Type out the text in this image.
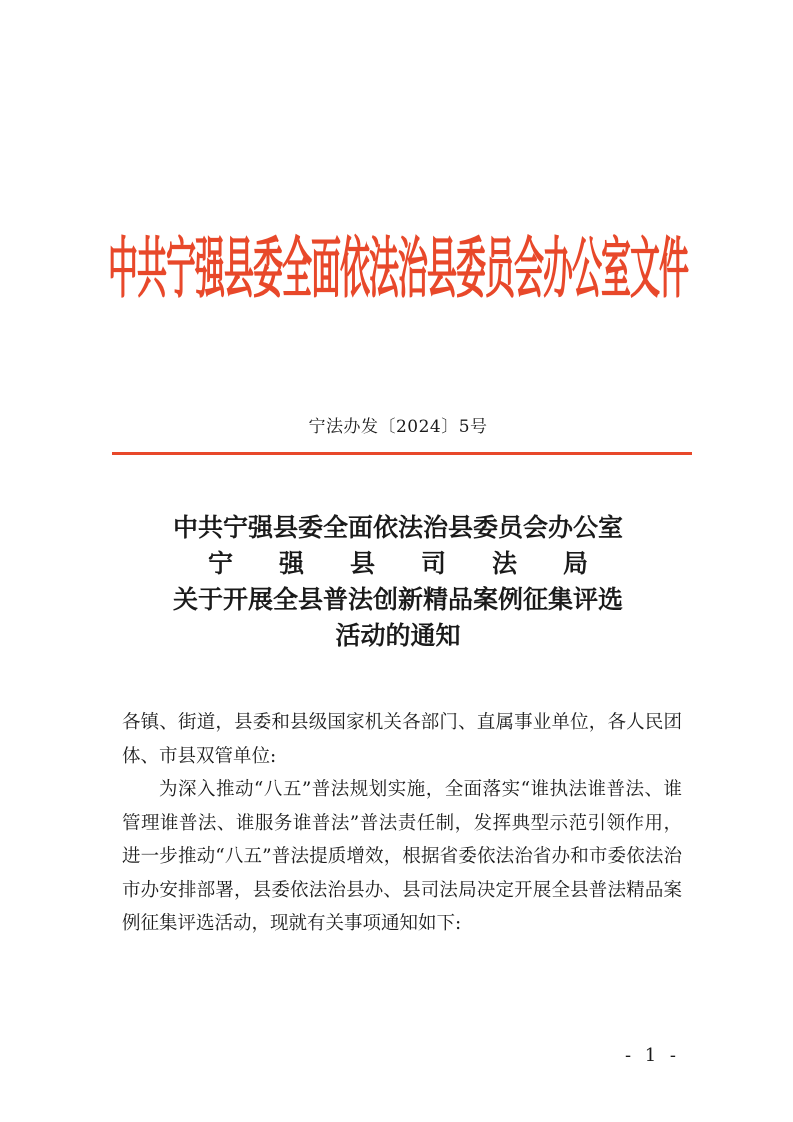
中共宁强县委全面依法治县委员会办公室文件
宁法办发〔2024〕5号
中共宁强县委全面依法治县委员会办公室
宁强县司法局
关于开展全县普法创新精品案例征集评选
活动的通知

各镇、街道，县委和县级国家机关各部门、直属事业单位，各人民团体、市县双管单位:

为深入推动“八五”普法规划实施，全面落实“谁执法谁普法、谁管理谁普法、谁服务谁普法”普法责任制，发挥典型示范引领作用，进一步推动“八五”普法提质增效，根据省委依法治省办和市委依法治市办安排部署，县委依法治县办、县司法局决定开展全县普法精品案例征集评选活动，现就有关事项通知如下:

- 1 -
